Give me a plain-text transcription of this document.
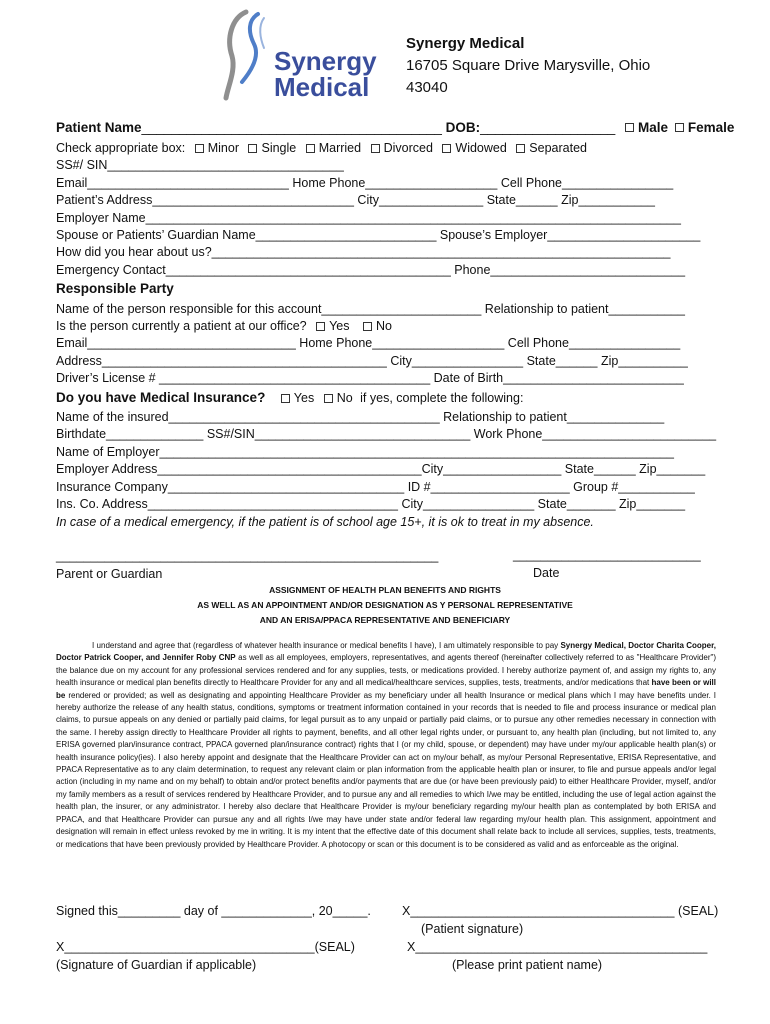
Synergy
Medical
Synergy Medical
16705 Square Drive Marysville, Ohio
43040
Patient Name________________________________________ DOB:__________________ Male Female
Check appropriate box: Minor Single Married Divorced Widowed Separated
SS#/ SIN__________________________________
Email_____________________________ Home Phone___________________ Cell Phone________________
Patient’s Address_____________________________ City_______________ State______ Zip___________
Employer Name_____________________________________________________________________________
Spouse or Patients’ Guardian Name__________________________ Spouse’s Employer______________________
How did you hear about us?__________________________________________________________________
Emergency Contact_________________________________________ Phone____________________________
Responsible Party
Name of the person responsible for this account_______________________ Relationship to patient___________
Is the person currently a patient at our office? Yes No
Email______________________________ Home Phone___________________ Cell Phone________________
Address_________________________________________ City________________ State______ Zip__________
Driver’s License # _______________________________________ Date of Birth__________________________
Do you have Medical Insurance? Yes No if yes, complete the following:
Name of the insured_______________________________________ Relationship to patient______________
Birthdate______________ SS#/SIN_______________________________ Work Phone_________________________
Name of Employer__________________________________________________________________________
Employer Address______________________________________City_________________ State______ Zip_______
Insurance Company__________________________________ ID #____________________ Group #___________
Ins. Co. Address____________________________________ City________________ State_______ Zip_______
In case of a medical emergency, if the patient is of school age 15+, it is ok to treat in my absence.
_______________________________________________________	___________________________
Parent or Guardian	Date
ASSIGNMENT OF HEALTH PLAN BENEFITS AND RIGHTS
AS WELL AS AN APPOINTMENT AND/OR DESIGNATION AS Y PERSONAL REPRESENTATIVE
AND AN ERISA/PPACA REPRESENTATIVE AND BENEFICIARY
I understand and agree that (regardless of whatever health insurance or medical benefits I have), I am ultimately responsible to pay Synergy Medical, Doctor Charita Cooper, Doctor Patrick Cooper, and Jennifer Roby CNP as well as all employees, employers, representatives, and agents thereof (hereinafter collectively referred to as "Healthcare Provider") the balance due on my account for any professional services rendered and for any supplies, tests, or medications provided. I hereby authorize payment of, and assign my rights to, any health insurance or medical plan benefits directly to Healthcare Provider for any and all medical/healthcare services, supplies, tests, treatments, and/or medications that have been or will be rendered or provided; as well as designating and appointing Healthcare Provider as my beneficiary under all health Insurance or medical plans which I may have benefits under. I hereby authorize the release of any health status, conditions, symptoms or treatment information contained in your records that is needed to file and process insurance or medical plan claims, to pursue appeals on any denied or partially paid claims, for legal pursuit as to any unpaid or partially paid claims, or to pursue any other remedies necessary in connection with the same. I hereby assign directly to Healthcare Provider all rights to payment, benefits, and all other legal rights under, or pursuant to, any health plan (including, but not limited to, any ERISA governed plan/insurance contract, PPACA governed plan/insurance contract) rights that I (or my child, spouse, or dependent) may have under my/our applicable health plan(s) or health insurance policy(ies). I also hereby appoint and designate that the Healthcare Provider can act on my/our behalf, as my/our Personal Representative, ERISA Representative, and PPACA Representative as to any claim determination, to request any relevant claim or plan information from the applicable health plan or insurer, to file and pursue appeals and/or legal action (including in my name and on my behalf) to obtain and/or protect benefits and/or payments that are due (or have been previously paid) to either Healthcare Provider, myself, and/or my family members as a result of services rendered by Healthcare Provider, and to pursue any and all remedies to which I/we may be entitled, including the use of legal action against the health plan, the insurer, or any administrator. I hereby also declare that Healthcare Provider is my/our beneficiary regarding my/our health plan as contemplated by both ERISA and PPACA, and that Healthcare Provider can pursue any and all rights I/we may have under state and/or federal law regarding my/our health plan. This assignment, appointment and designation will remain in effect unless revoked by me in writing. It is my intent that the effective date of this document shall relate back to include all services, supplies, tests, treatments, or medications that have been previously provided by Healthcare Provider. A photocopy or scan or this document is to be considered as valid and as enforceable as the original.
Signed this_________ day of _____________, 20_____. X______________________________________ (SEAL)
(Patient signature)
X____________________________________(SEAL)	X__________________________________________
(Signature of Guardian if applicable)	(Please print patient name)
